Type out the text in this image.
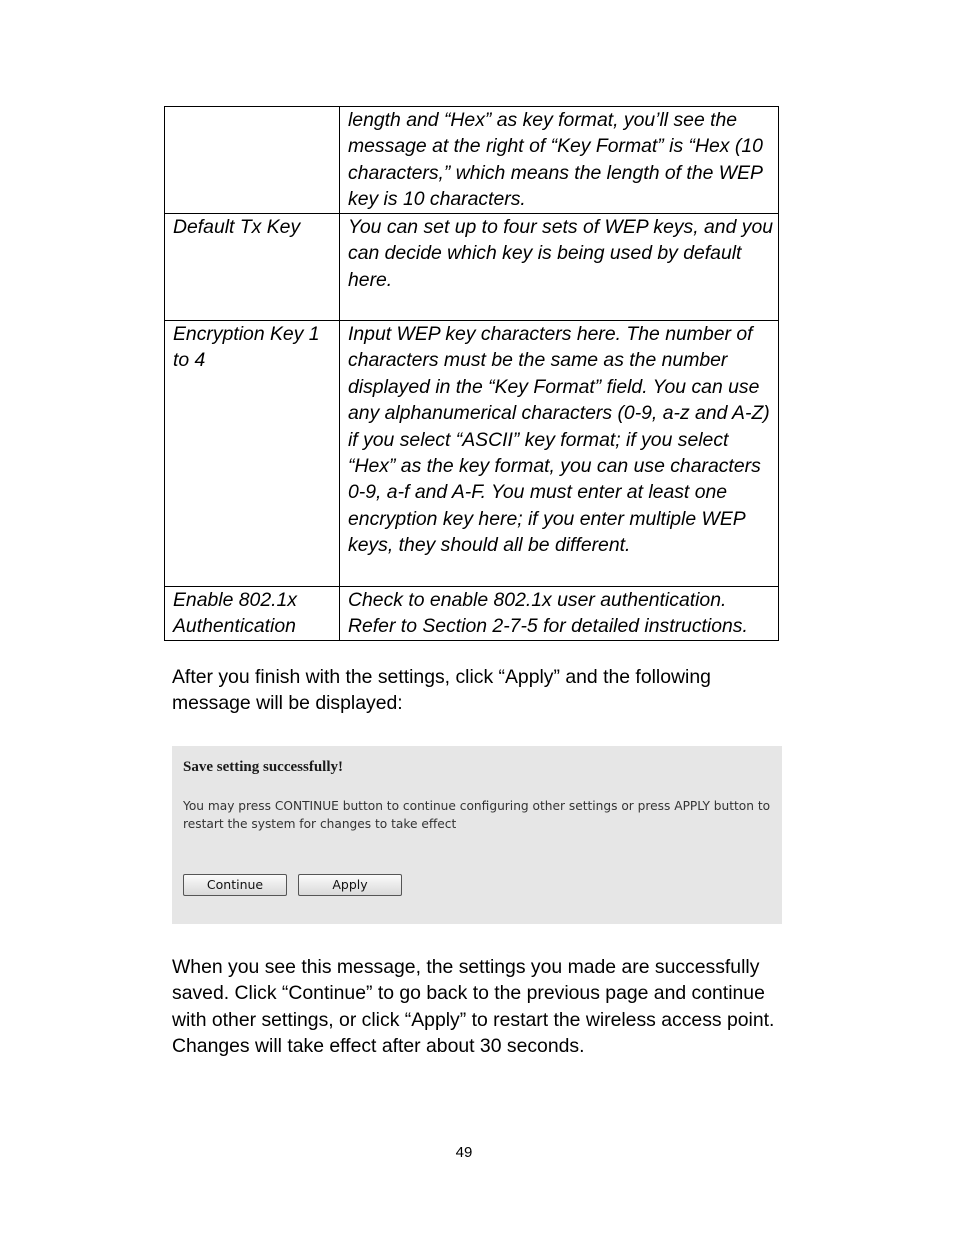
	length and “Hex” as key format, you’ll see the message at the right of “Key Format” is “Hex (10 characters,” which means the length of the WEP key is 10 characters.
Default Tx Key	You can set up to four sets of WEP keys, and you can decide which key is being used by default here.
Encryption Key 1 to 4	Input WEP key characters here. The number of characters must be the same as the number displayed in the “Key Format” field. You can use any alphanumerical characters (0-9, a-z and A-Z) if you select “ASCII” key format; if you select “Hex” as the key format, you can use characters 0-9, a-f and A-F. You must enter at least one encryption key here; if you enter multiple WEP keys, they should all be different.
Enable 802.1x Authentication	Check to enable 802.1x user authentication. Refer to Section 2-7-5 for detailed instructions.

After you finish with the settings, click “Apply” and the following message will be displayed:

Save setting successfully!
You may press CONTINUE button to continue configuring other settings or press APPLY button to restart the system for changes to take effect
Continue	Apply

When you see this message, the settings you made are successfully saved. Click “Continue” to go back to the previous page and continue with other settings, or click “Apply” to restart the wireless access point. Changes will take effect after about 30 seconds.

49
